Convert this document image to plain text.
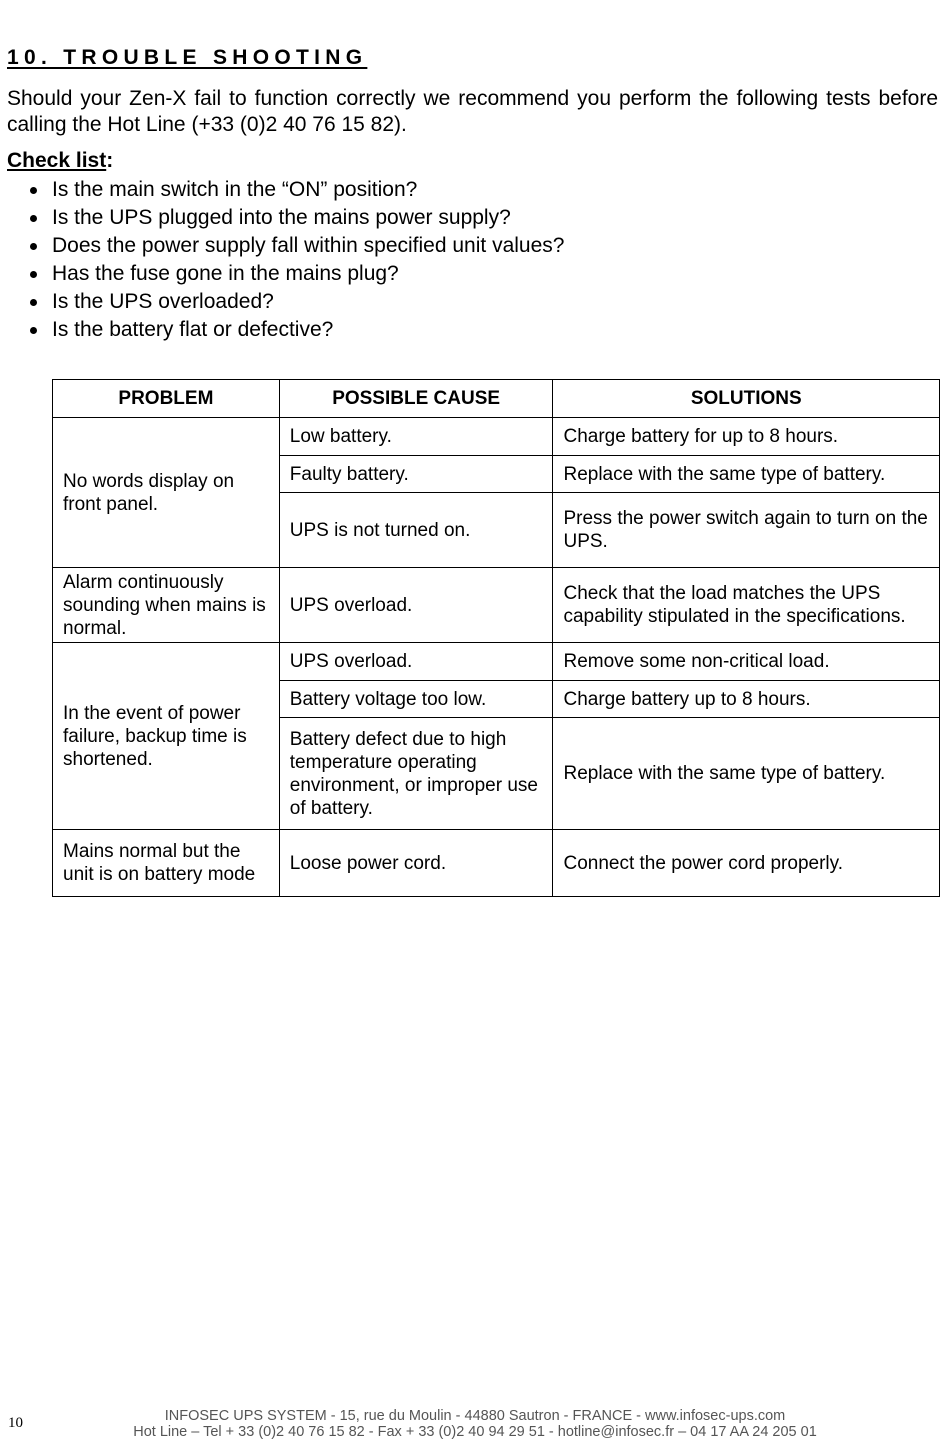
10. TROUBLE SHOOTING
Should your Zen-X fail to function correctly we recommend you perform the following tests before calling the Hot Line (+33 (0)2 40 76 15 82).
Check list:
Is the main switch in the “ON” position?
Is the UPS plugged into the mains power supply?
Does the power supply fall within specified unit values?
Has the fuse gone in the mains plug?
Is the UPS overloaded?
Is the battery flat or defective?
PROBLEM	POSSIBLE CAUSE	SOLUTIONS
No words display on front panel.	Low battery.	Charge battery for up to 8 hours.
	Faulty battery.	Replace with the same type of battery.
	UPS is not turned on.	Press the power switch again to turn on the UPS.
Alarm continuously sounding when mains is normal.	UPS overload.	Check that the load matches the UPS capability stipulated in the specifications.
In the event of power failure, backup time is shortened.	UPS overload.	Remove some non-critical load.
	Battery voltage too low.	Charge battery up to 8 hours.
	Battery defect due to high temperature operating environment, or improper use of battery.	Replace with the same type of battery.
Mains normal but the unit is on battery mode	Loose power cord.	Connect the power cord properly.
10	INFOSEC UPS SYSTEM - 15, rue du Moulin - 44880 Sautron - FRANCE - www.infosec-ups.com
Hot Line – Tel + 33 (0)2 40 76 15 82 - Fax + 33 (0)2 40 94 29 51 - hotline@infosec.fr – 04 17 AA 24 205 01
